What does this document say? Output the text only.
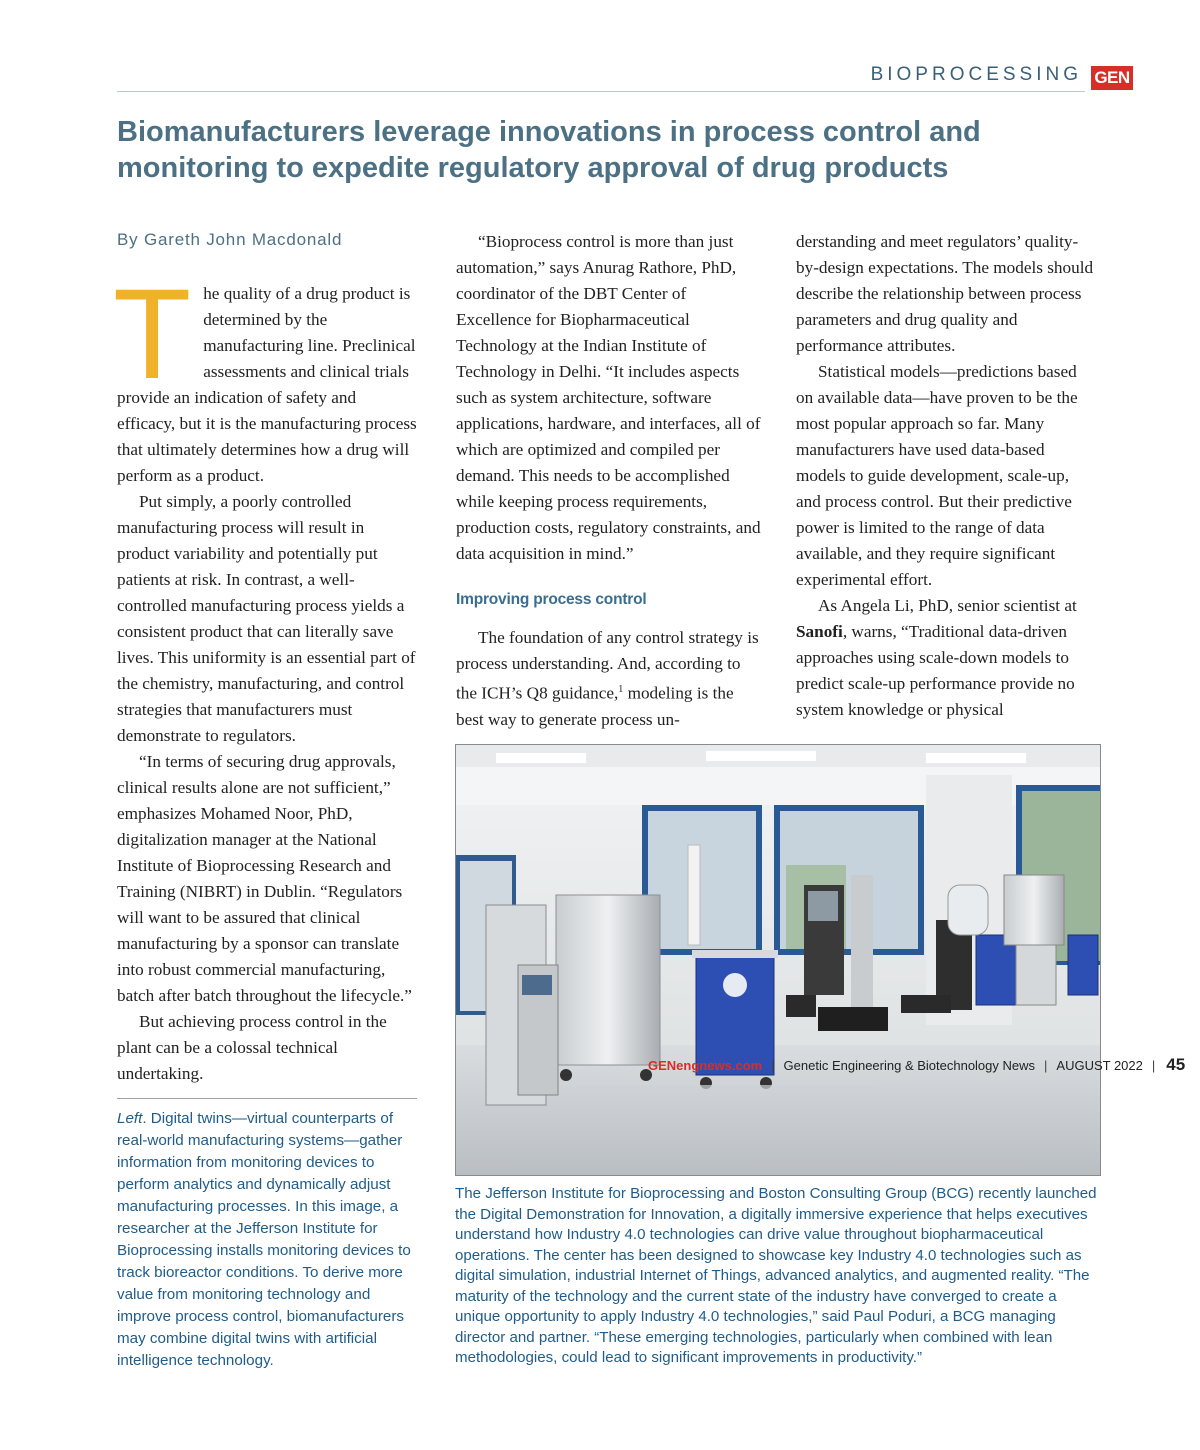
BIOPROCESSING GEN
Biomanufacturers leverage innovations in process control and monitoring to expedite regulatory approval of drug products
By Gareth John Macdonald

The quality of a drug product is determined by the manufacturing line. Preclinical assessments and clinical trials provide an indication of safety and efficacy, but it is the manufacturing process that ultimately determines how a drug will perform as a product.

Put simply, a poorly controlled manufacturing process will result in product variability and potentially put patients at risk. In contrast, a well-controlled manufacturing process yields a consistent product that can literally save lives. This uniformity is an essential part of the chemistry, manufacturing, and control strategies that manufacturers must demonstrate to regulators.

“In terms of securing drug approvals, clinical results alone are not sufficient,” emphasizes Mohamed Noor, PhD, digitalization manager at the National Institute of Bioprocessing Research and Training (NIBRT) in Dublin. “Regulators will want to be assured that clinical manufacturing by a sponsor can translate into robust commercial manufacturing, batch after batch throughout the lifecycle.”

But achieving process control in the plant can be a colossal technical undertaking.

Left. Digital twins—virtual counterparts of real-world manufacturing systems—gather information from monitoring devices to perform analytics and dynamically adjust manufacturing processes. In this image, a researcher at the Jefferson Institute for Bioprocessing installs monitoring devices to track bioreactor conditions. To derive more value from monitoring technology and improve process control, biomanufacturers may combine digital twins with artificial intelligence technology.

“Bioprocess control is more than just automation,” says Anurag Rathore, PhD, coordinator of the DBT Center of Excellence for Biopharmaceutical Technology at the Indian Institute of Technology in Delhi. “It includes aspects such as system architecture, software applications, hardware, and interfaces, all of which are optimized and compiled per demand. This needs to be accomplished while keeping process requirements, production costs, regulatory constraints, and data acquisition in mind.”

Improving process control

The foundation of any control strategy is process understanding. And, according to the ICH’s Q8 guidance,$^1$ modeling is the best way to generate process un-

derstanding and meet regulators’ quality-by-design expectations. The models should describe the relationship between process parameters and drug quality and performance attributes.

Statistical models—predictions based on available data—have proven to be the most popular approach so far. Many manufacturers have used data-based models to guide development, scale-up, and process control. But their predictive power is limited to the range of data available, and they require significant experimental effort.

As Angela Li, PhD, senior scientist at Sanofi, warns, “Traditional data-driven approaches using scale-down models to predict scale-up performance provide no system knowledge or physical

The Jefferson Institute for Bioprocessing and Boston Consulting Group (BCG) recently launched the Digital Demonstration for Innovation, a digitally immersive experience that helps executives understand how Industry 4.0 technologies can drive value throughout biopharmaceutical operations. The center has been designed to showcase key Industry 4.0 technologies such as digital simulation, industrial Internet of Things, advanced analytics, and augmented reality. “The maturity of the technology and the current state of the industry have converged to create a unique opportunity to apply Industry 4.0 technologies,” said Paul Poduri, a BCG managing director and partner. “These emerging technologies, particularly when combined with lean methodologies, could lead to significant improvements in productivity.”
GENengnews.com | Genetic Engineering & Biotechnology News | AUGUST 2022 | 45
